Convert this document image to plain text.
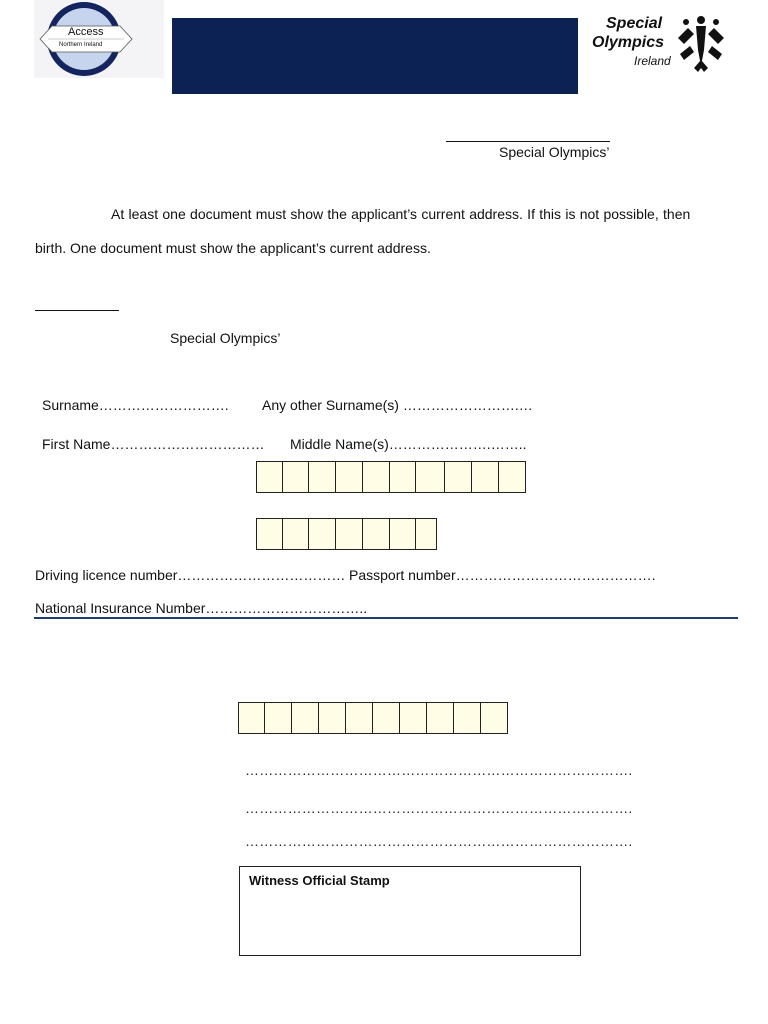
Access
Northern Ireland
Special
Olympics
Ireland
Special Olympics’
At least one document must show the applicant’s current address. If this is not possible, then
birth. One document must show the applicant’s current address.
Special Olympics’
Surname………………………. Any other Surname(s) …………………….…
First Name…………………………… Middle Name(s)………………….……..
Driving licence number……………………………… Passport number…………………………………….
National Insurance Number……………………………..
……………………………………………………………………….
……………………………………………………………………….
……………………………………………………………………….
Witness Official Stamp
